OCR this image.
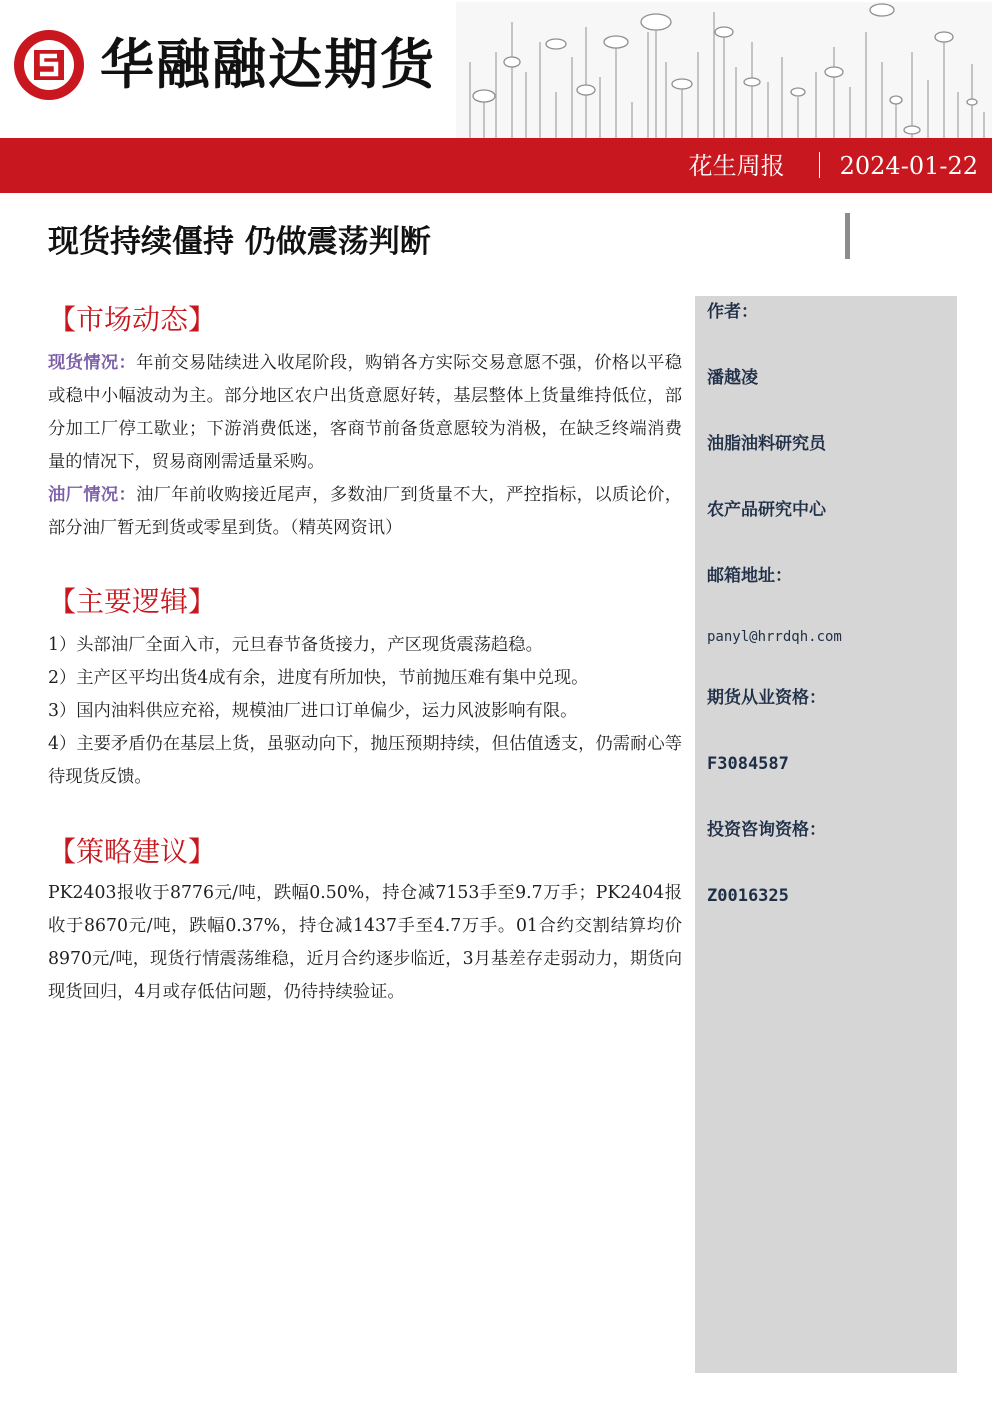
华融融达期货
花生周报 2024-01-22
现货持续僵持 仍做震荡判断
【市场动态】

现货情况：年前交易陆续进入收尾阶段，购销各方实际交易意愿不强，价格以平稳或稳中小幅波动为主。部分地区农户出货意愿好转，基层整体上货量维持低位，部分加工厂停工歇业；下游消费低迷，客商节前备货意愿较为消极，在缺乏终端消费量的情况下，贸易商刚需适量采购。

油厂情况：油厂年前收购接近尾声，多数油厂到货量不大，严控指标，以质论价，部分油厂暂无到货或零星到货。（精英网资讯）

【主要逻辑】

1）头部油厂全面入市，元旦春节备货接力，产区现货震荡趋稳。

2）主产区平均出货4成有余，进度有所加快，节前抛压难有集中兑现。

3）国内油料供应充裕，规模油厂进口订单偏少，运力风波影响有限。

4）主要矛盾仍在基层上货，虽驱动向下，抛压预期持续，但估值透支，仍需耐心等待现货反馈。

【策略建议】

PK2403报收于8776元/吨，跌幅0.50%，持仓减7153手至9.7万手；PK2404报收于8670元/吨，跌幅0.37%，持仓减1437手至4.7万手。01合约交割结算均价8970元/吨，现货行情震荡维稳，近月合约逐步临近，3月基差存走弱动力，期货向现货回归，4月或存低估问题，仍待持续验证。

作者：
潘越凌
油脂油料研究员
农产品研究中心
邮箱地址：
panyl@hrrdqh.com
期货从业资格：
F3084587
投资咨询资格：
Z0016325
